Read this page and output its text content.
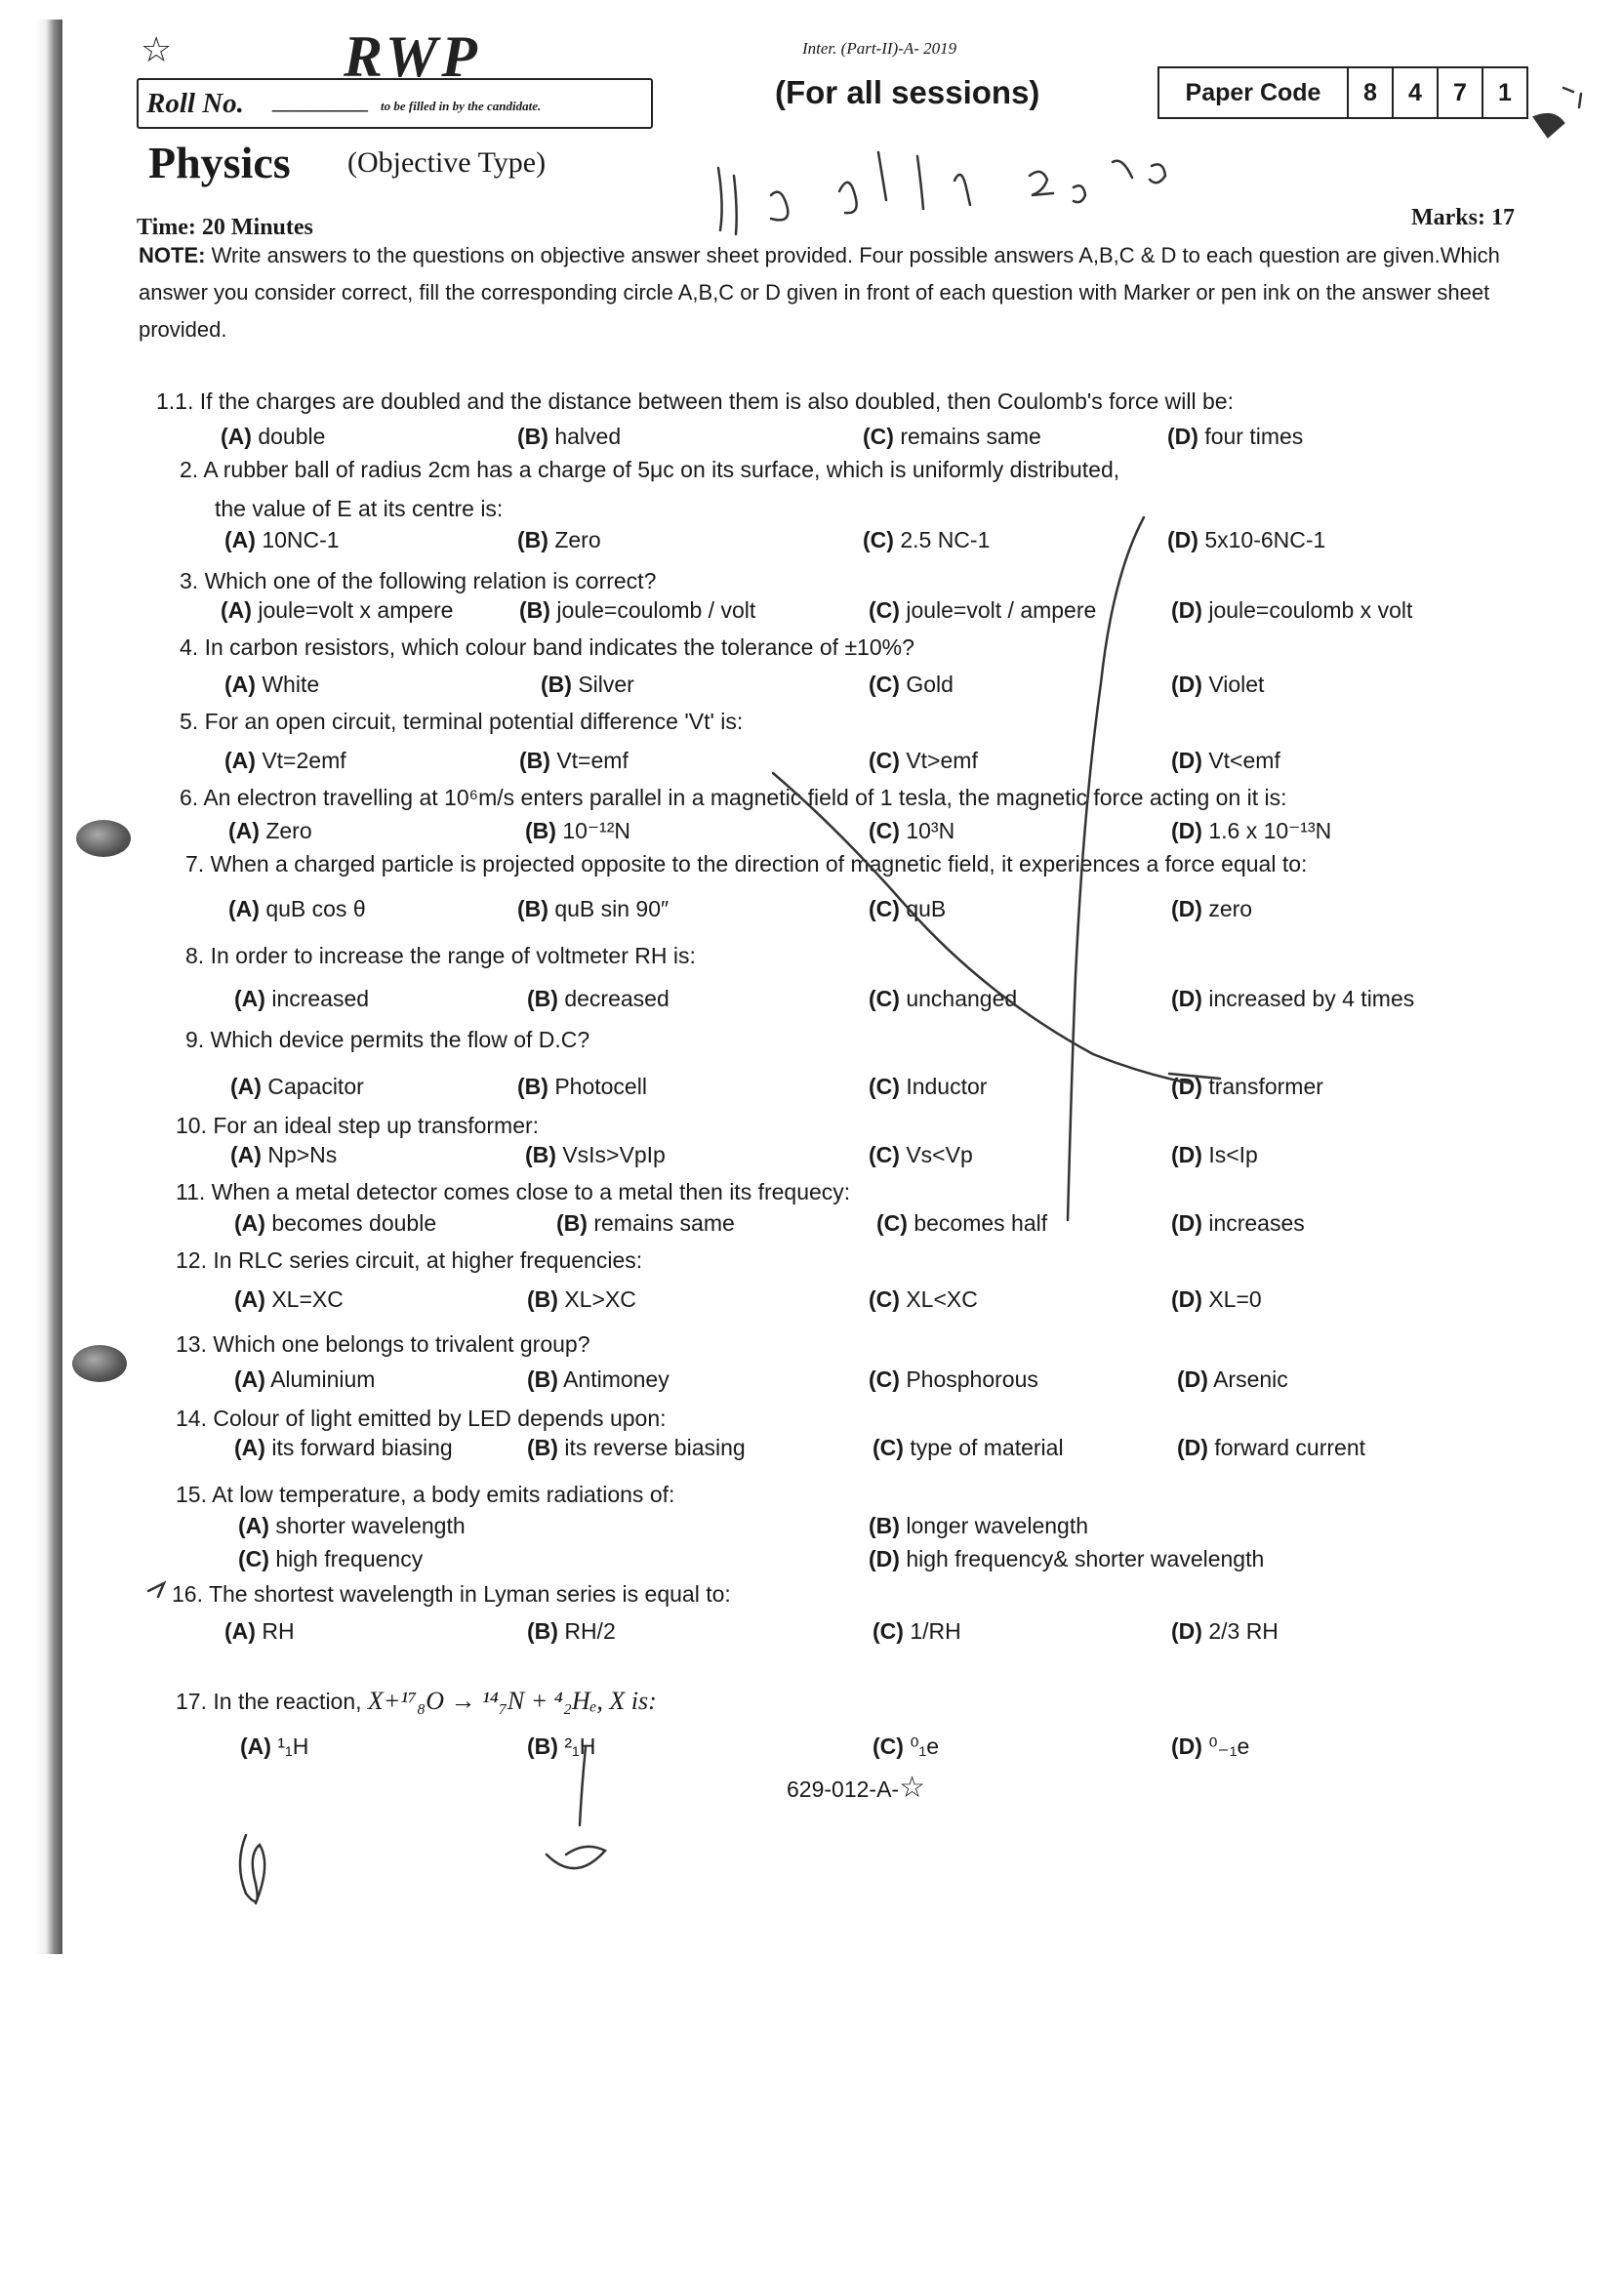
☆	RWP	Inter. (Part-II)-A- 2019
(For all sessions)
Roll No. ________ to be filled in by the candidate.	Paper Code	8	4	7	1
Physics (Objective Type)
Time: 20 Minutes	Marks: 17
NOTE: Write answers to the questions on objective answer sheet provided. Four possible answers A,B,C & D to each question are given.Which answer you consider correct, fill the corresponding circle A,B,C or D given in front of each question with Marker or pen ink on the answer sheet provided.
1.1. If the charges are doubled and the distance between them is also doubled, then Coulomb's force will be:
(A) double	(B) halved	(C) remains same	(D) four times
2. A rubber ball of radius 2cm has a charge of 5μc on its surface, which is uniformly distributed,
the value of E at its centre is:
(A) 10NC-1	(B) Zero	(C) 2.5 NC-1	(D) 5x10-6NC-1
3. Which one of the following relation is correct?
(A) joule=volt x ampere	(B) joule=coulomb / volt	(C) joule=volt / ampere	(D) joule=coulomb x volt
4. In carbon resistors, which colour band indicates the tolerance of ±10%?
(A) White	(B) Silver	(C) Gold	(D) Violet
5. For an open circuit, terminal potential difference 'Vt' is:
(A) Vt=2emf	(B) Vt=emf	(C) Vt>emf	(D) Vt<emf
6. An electron travelling at 10⁶m/s enters parallel in a magnetic field of 1 tesla, the magnetic force acting on it is:
(A) Zero	(B) 10⁻¹²N	(C) 10³N	(D) 1.6 x 10⁻¹³N
7. When a charged particle is projected opposite to the direction of magnetic field, it experiences a force equal to:
(A) quB cos θ	(B) quB sin 90″	(C) quB	(D) zero
8. In order to increase the range of voltmeter RH is:
(A) increased	(B) decreased	(C) unchanged	(D) increased by 4 times
9. Which device permits the flow of D.C?
(A) Capacitor	(B) Photocell	(C) Inductor	(D) transformer
10. For an ideal step up transformer:
(A) Np>Ns	(B) VsIs>VpIp	(C) Vs<Vp	(D) Is<Ip
11. When a metal detector comes close to a metal then its frequecy:
(A) becomes double	(B) remains same	(C) becomes half	(D) increases
12. In RLC series circuit, at higher frequencies:
(A) XL=XC	(B) XL>XC	(C) XL<XC	(D) XL=0
13. Which one belongs to trivalent group?
(A) Aluminium	(B) Antimoney	(C) Phosphorous	(D) Arsenic
14. Colour of light emitted by LED depends upon:
(A) its forward biasing	(B) its reverse biasing	(C) type of material	(D) forward current
15. At low temperature, a body emits radiations of:
(A) shorter wavelength	(B) longer wavelength
(C) high frequency	(D) high frequency& shorter wavelength
16. The shortest wavelength in Lyman series is equal to:
(A) RH	(B) RH/2	(C) 1/RH	(D) 2/3 RH
17. In the reaction, X+¹⁷₈O → ¹⁴₇N + ⁴₂Hₑ, X is:
(A) ¹₁H	(B) ²₁H	(C) ⁰₁e	(D) ⁰₋₁e
629-012-A-☆
